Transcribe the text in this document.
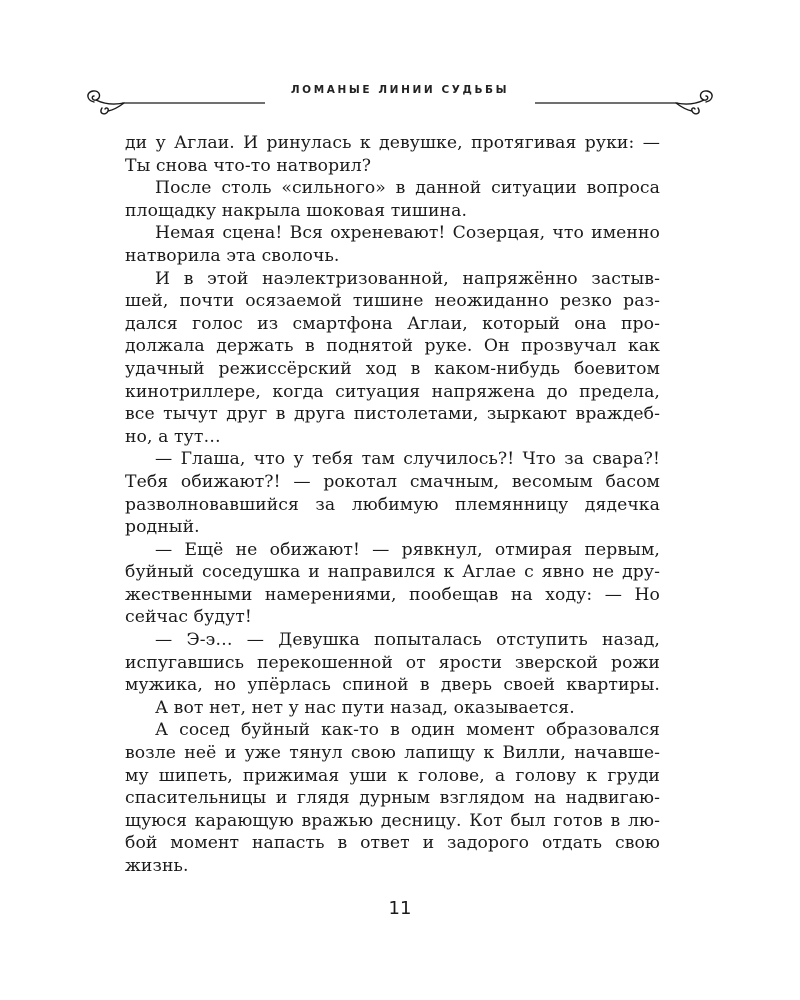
ЛОМАНЫЕ ЛИНИИ СУДЬБЫ
ди у Аглаи. И ринулась к девушке, протягивая руки: —
Ты снова что-то натворил?
После столь «сильного» в данной ситуации вопроса
площадку накрыла шоковая тишина.
Немая сцена! Вся охреневают! Созерцая, что именно
натворила эта сволочь.
И в этой наэлектризованной, напряжённо застыв-
шей, почти осязаемой тишине неожиданно резко раз-
дался голос из смартфона Аглаи, который она про-
должала держать в поднятой руке. Он прозвучал как
удачный режиссёрский ход в каком-нибудь боевитом
кинотриллере, когда ситуация напряжена до предела,
все тычут друг в друга пистолетами, зыркают враждеб-
но, а тут…
— Глаша, что у тебя там случилось?! Что за свара?!
Тебя обижают?! — рокотал смачным, весомым басом
разволновавшийся за любимую племянницу дядечка
родный.
— Ещё не обижают! — рявкнул, отмирая первым,
буйный соседушка и направился к Аглае с явно не дру-
жественными намерениями, пообещав на ходу: — Но
сейчас будут!
— Э-э… — Девушка попыталась отступить назад,
испугавшись перекошенной от ярости зверской рожи
мужика, но упёрлась спиной в дверь своей квартиры.
А вот нет, нет у нас пути назад, оказывается.
А сосед буйный как-то в один момент образовался
возле неё и уже тянул свою лапищу к Вилли, начавше-
му шипеть, прижимая уши к голове, а голову к груди
спасительницы и глядя дурным взглядом на надвигаю-
щуюся карающую вражью десницу. Кот был готов в лю-
бой момент напасть в ответ и задорого отдать свою
жизнь.
11
